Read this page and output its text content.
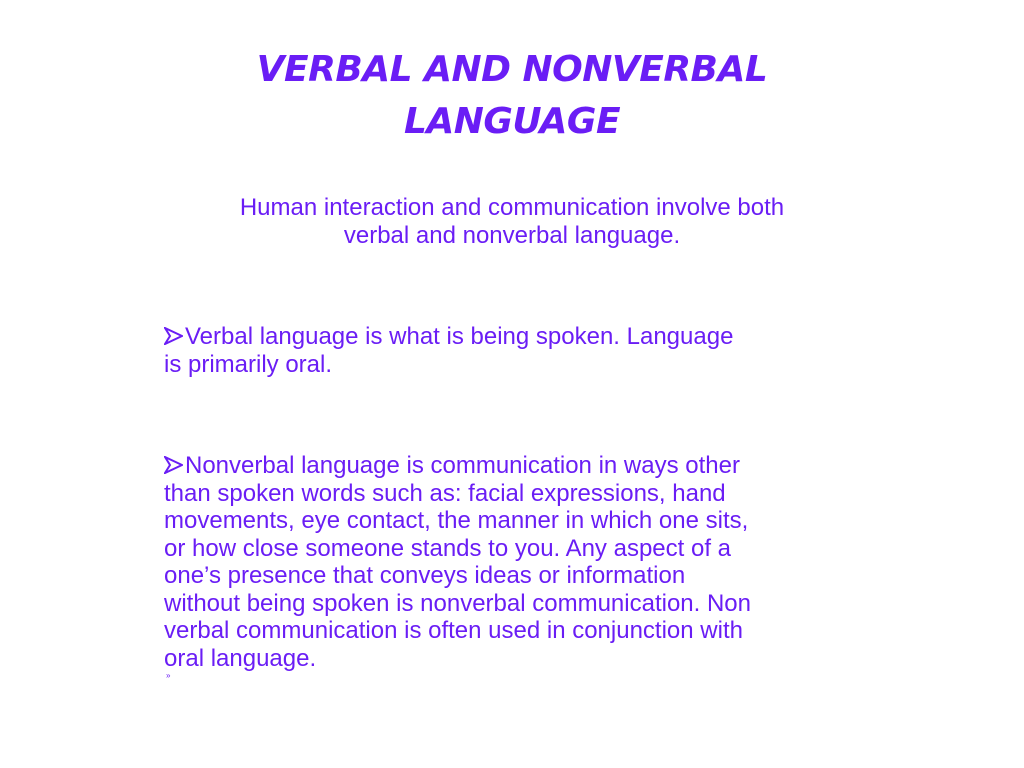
VERBAL AND NONVERBAL
LANGUAGE

Human interaction and communication involve both
verbal and nonverbal language.

Verbal language is what is being spoken. Language
is primarily oral.
Nonverbal language is communication in ways other
than spoken words such as: facial expressions, hand
movements, eye contact, the manner in which one sits,
or how close someone stands to you. Any aspect of a
one’s presence that conveys ideas or information
without being spoken is nonverbal communication. Non
verbal communication is often used in conjunction with
oral language.
»
